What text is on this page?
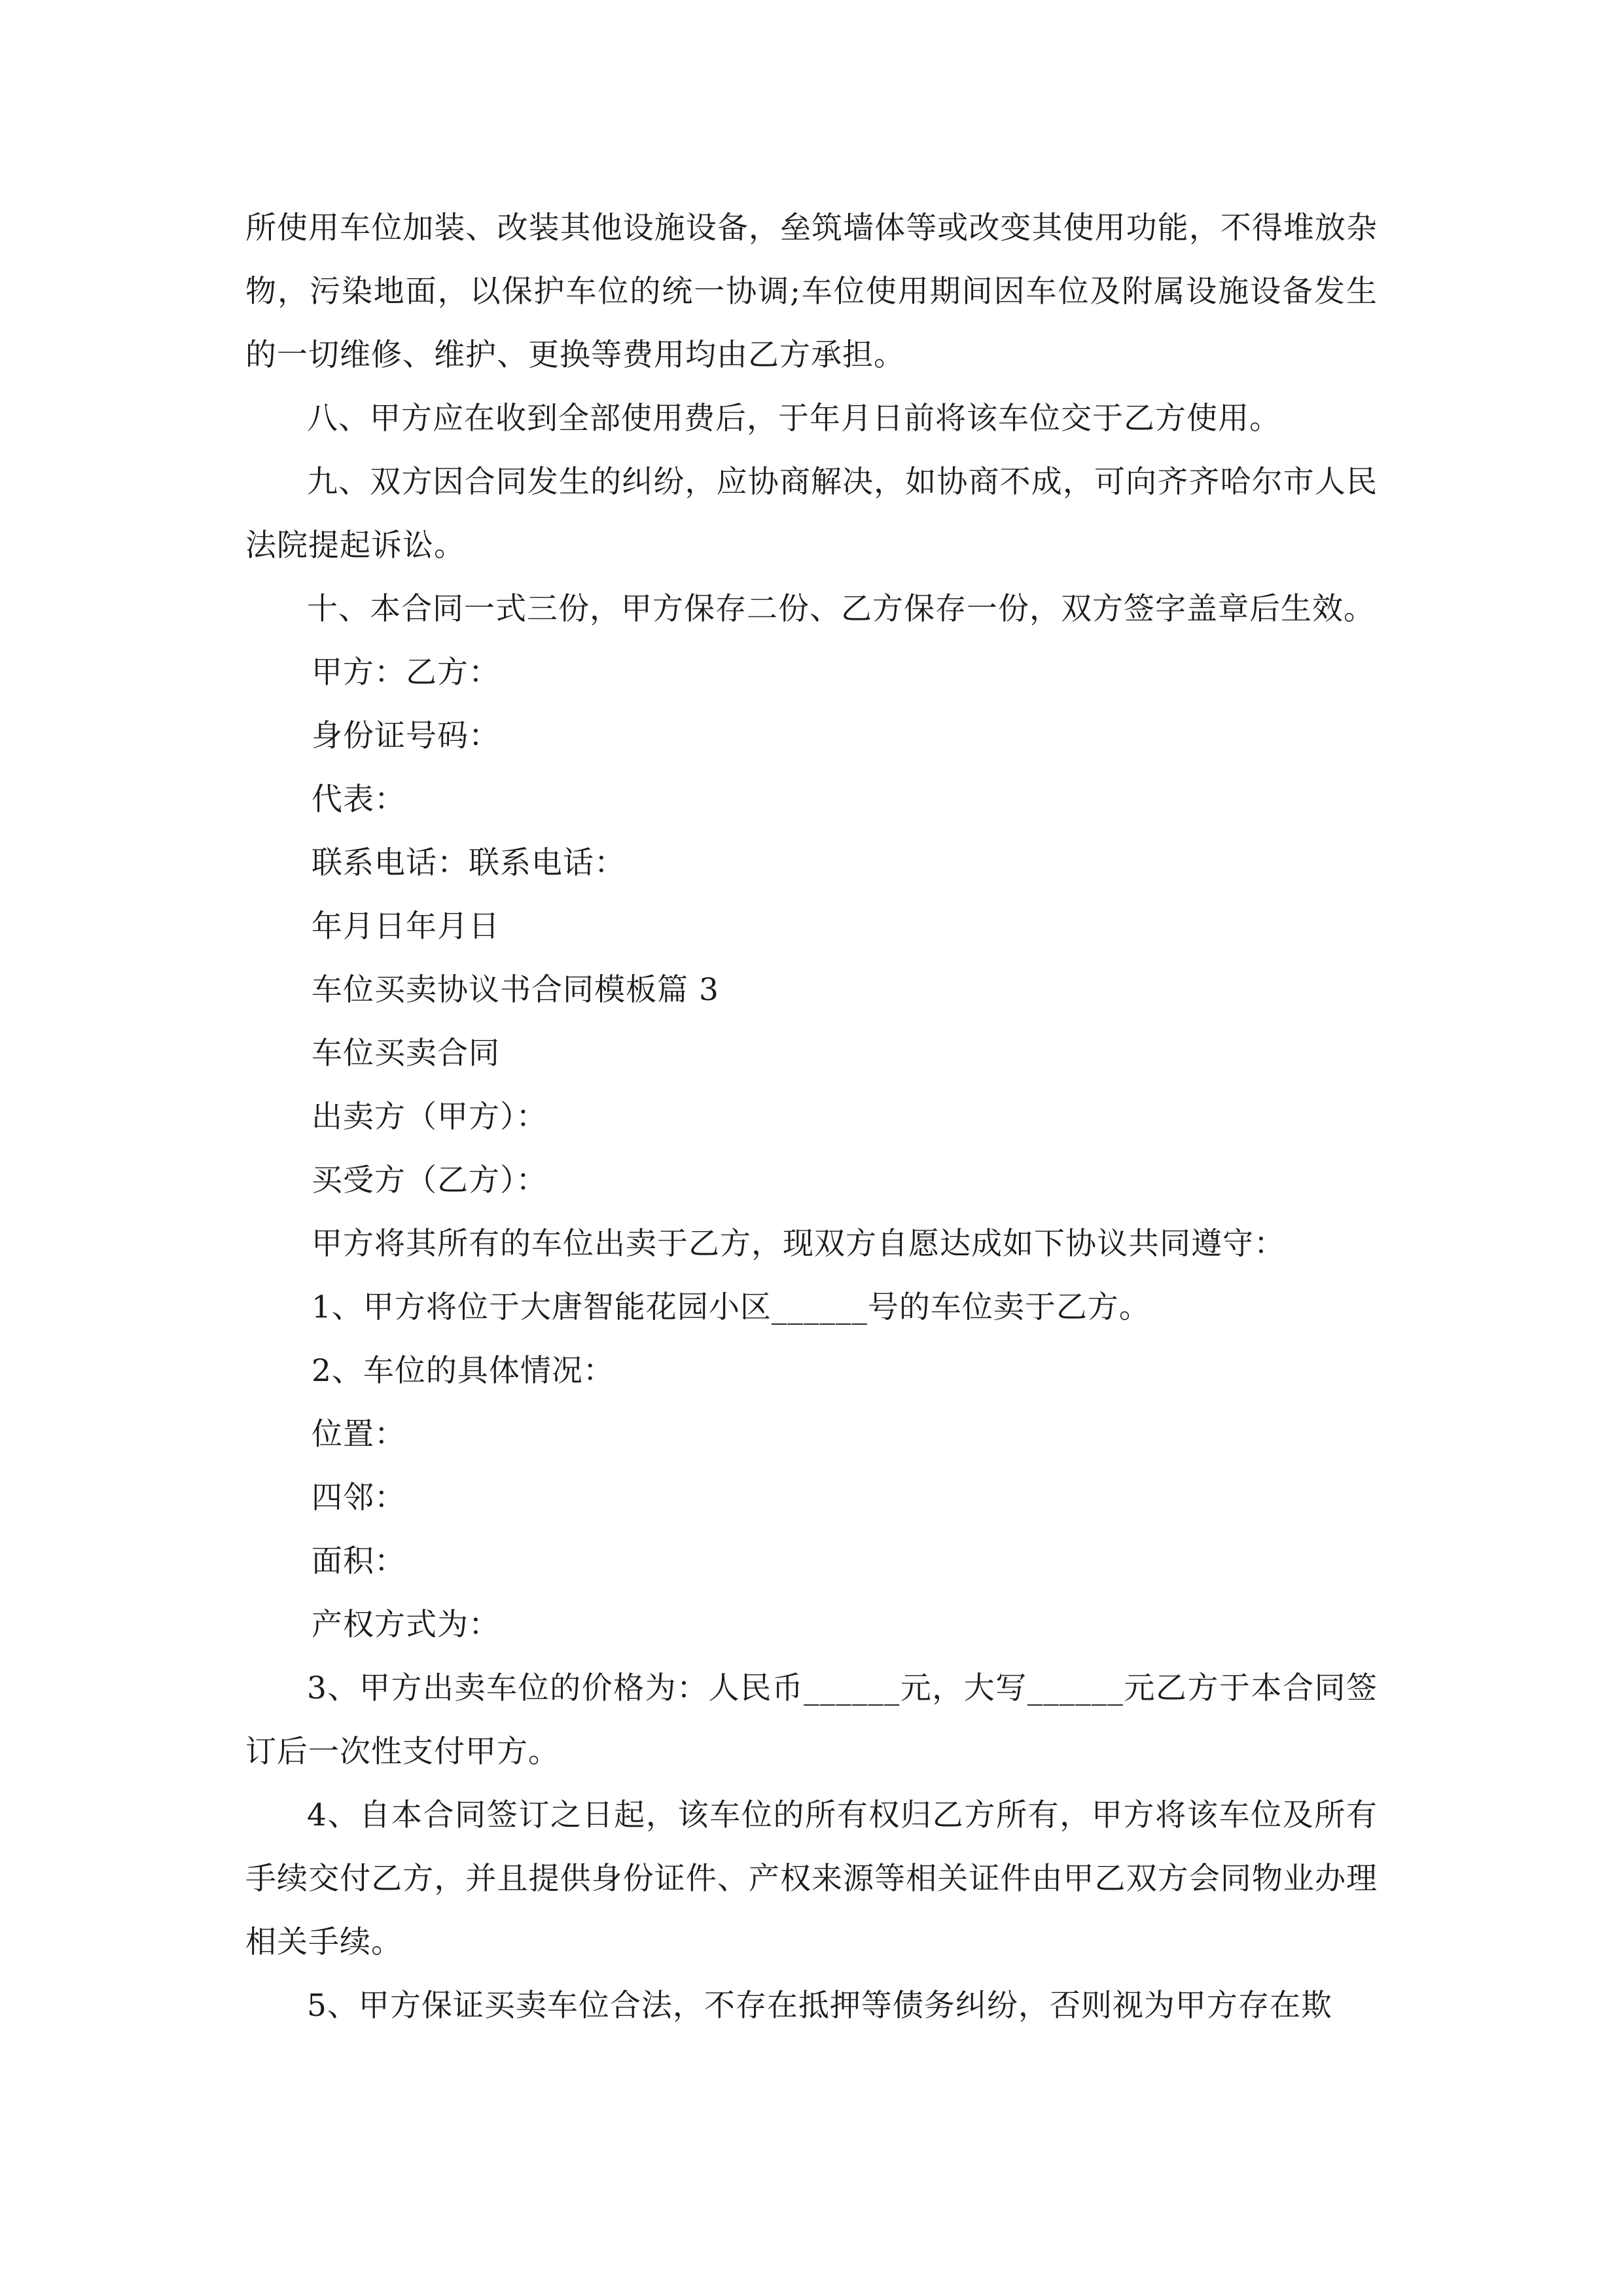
所使用车位加装、改装其他设施设备，垒筑墙体等或改变其使用功能，不得堆放杂物，污染地面，以保护车位的统一协调;车位使用期间因车位及附属设施设备发生的一切维修、维护、更换等费用均由乙方承担。

八、甲方应在收到全部使用费后，于年月日前将该车位交于乙方使用。

九、双方因合同发生的纠纷，应协商解决，如协商不成，可向齐齐哈尔市人民法院提起诉讼。

十、本合同一式三份，甲方保存二份、乙方保存一份，双方签字盖章后生效。

甲方：乙方：

身份证号码：

代表：

联系电话：联系电话：

年月日年月日

车位买卖协议书合同模板篇 3

车位买卖合同

出卖方（甲方）：

买受方（乙方）：

甲方将其所有的车位出卖于乙方，现双方自愿达成如下协议共同遵守：

1、甲方将位于大唐智能花园小区______号的车位卖于乙方。

2、车位的具体情况：

位置：

四邻：

面积：

产权方式为：

3、甲方出卖车位的价格为：人民币______元，大写______元乙方于本合同签订后一次性支付甲方。

4、自本合同签订之日起，该车位的所有权归乙方所有，甲方将该车位及所有手续交付乙方，并且提供身份证件、产权来源等相关证件由甲乙双方会同物业办理相关手续。

5、甲方保证买卖车位合法，不存在抵押等债务纠纷，否则视为甲方存在欺
